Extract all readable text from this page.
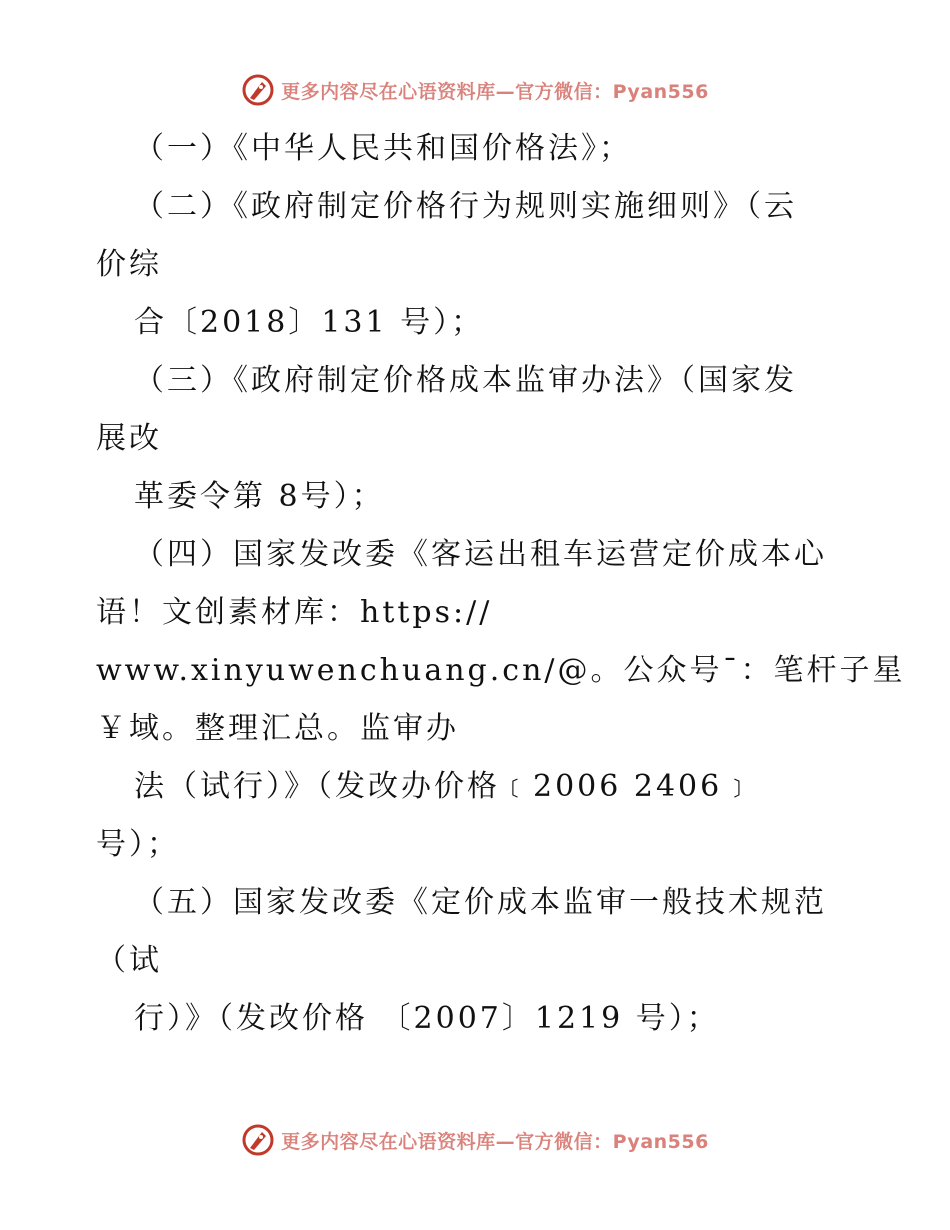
更多内容尽在心语资料库—官方微信：Pyan556
（一）《中华人民共和国价格法》；
（二）《政府制定价格行为规则实施细则》（云
价综
合〔2018〕131 号）；
（三）《政府制定价格成本监审办法》（国家发
展改
革委令第 8号）；
（四）国家发改委《客运出租车运营定价成本心
语！文创素材库：https://
www.xinyuwenchuang.cn/@。公众号¯：笔杆子星
￥域。整理汇总。监审办
法（试行）》（发改办价格﹝2006 2406﹞
号）；
（五）国家发改委《定价成本监审一般技术规范
（试
行）》（发改价格 〔2007〕1219 号）；
更多内容尽在心语资料库—官方微信：Pyan556
